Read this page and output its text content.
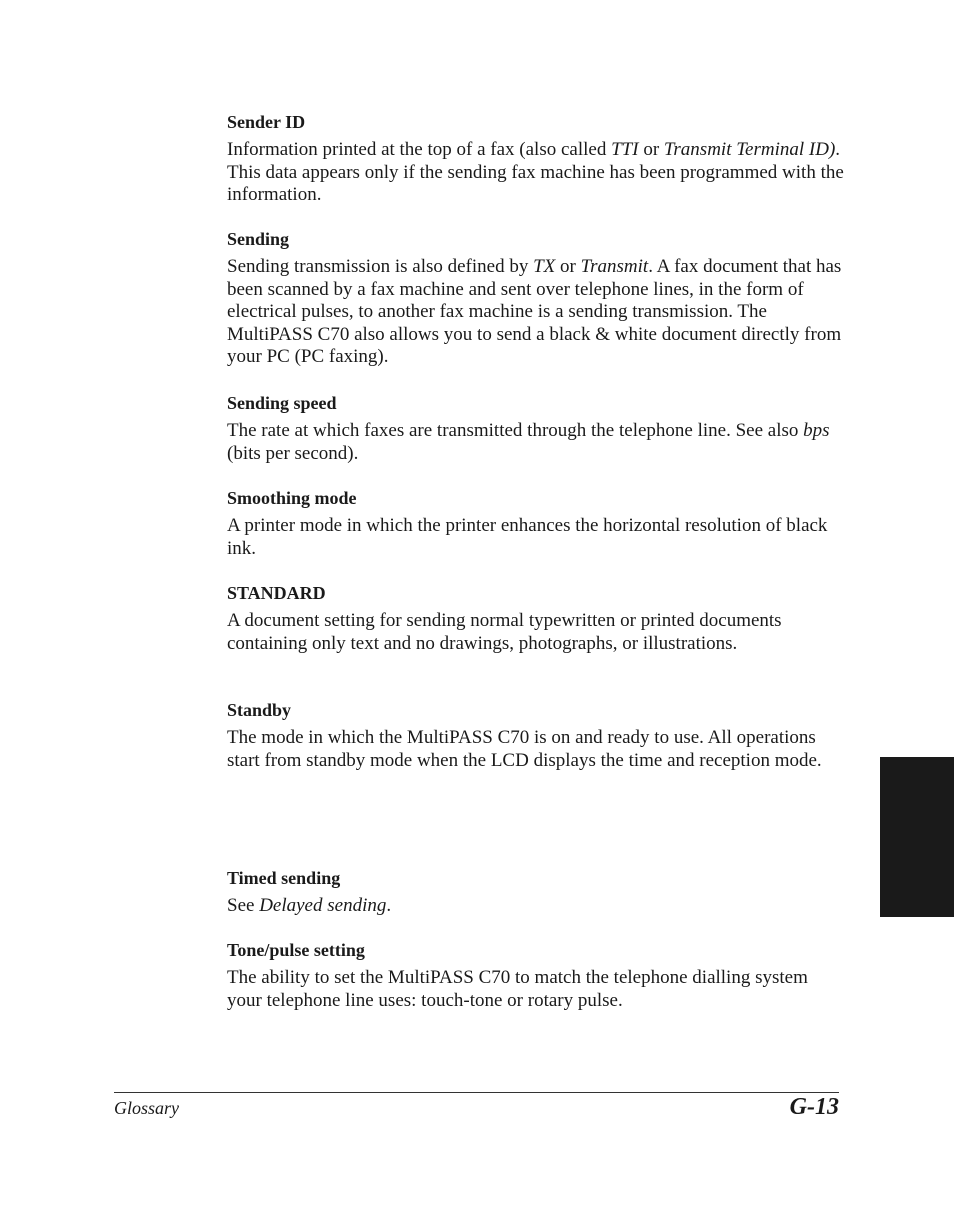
Sender ID

Information printed at the top of a fax (also called TTI or Transmit Terminal ID). This data appears only if the sending fax machine has been programmed with the information.

Sending

Sending transmission is also defined by TX or Transmit. A fax document that has been scanned by a fax machine and sent over telephone lines, in the form of electrical pulses, to another fax machine is a sending transmission. The MultiPASS C70 also allows you to send a black & white document directly from your PC (PC faxing).

Sending speed

The rate at which faxes are transmitted through the telephone line. See also bps (bits per second).

Smoothing mode

A printer mode in which the printer enhances the horizontal resolution of black ink.

STANDARD

A document setting for sending normal typewritten or printed documents containing only text and no drawings, photographs, or illustrations.

Standby

The mode in which the MultiPASS C70 is on and ready to use. All operations start from standby mode when the LCD displays the time and reception mode.

Timed sending

See Delayed sending.

Tone/pulse setting

The ability to set the MultiPASS C70 to match the telephone dialling system your telephone line uses: touch-tone or rotary pulse.

Glossary	G-13
